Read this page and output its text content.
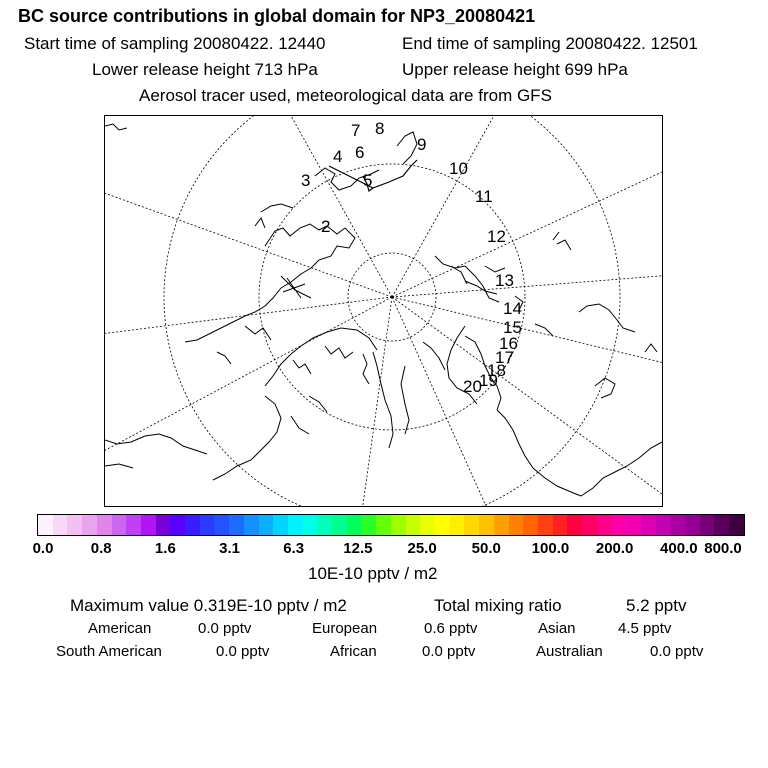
BC source contributions in global domain for NP3_20080421
Start time of sampling 20080422. 12440	End time of sampling 20080422. 12501
Lower release height 713 hPa	Upper release height 699 hPa
Aerosol tracer used, meteorological data are from GFS
7 8
6
4
9
10
3	5
11
2
12
13
14
15
16
17
18
19
20
0.0 0.8	1.6	3.1	6.3	12.5 25.0 50.0 100.0 200.0 400.0 800.0
10E-10 pptv / m2
Maximum value 0.319E-10 pptv / m2	Total mixing ratio	5.2 pptv
American	0.0 pptv	European	0.6 pptv	Asian	4.5 pptv
South American	0.0 pptv	African	0.0 pptv	Australian	0.0 pptv
